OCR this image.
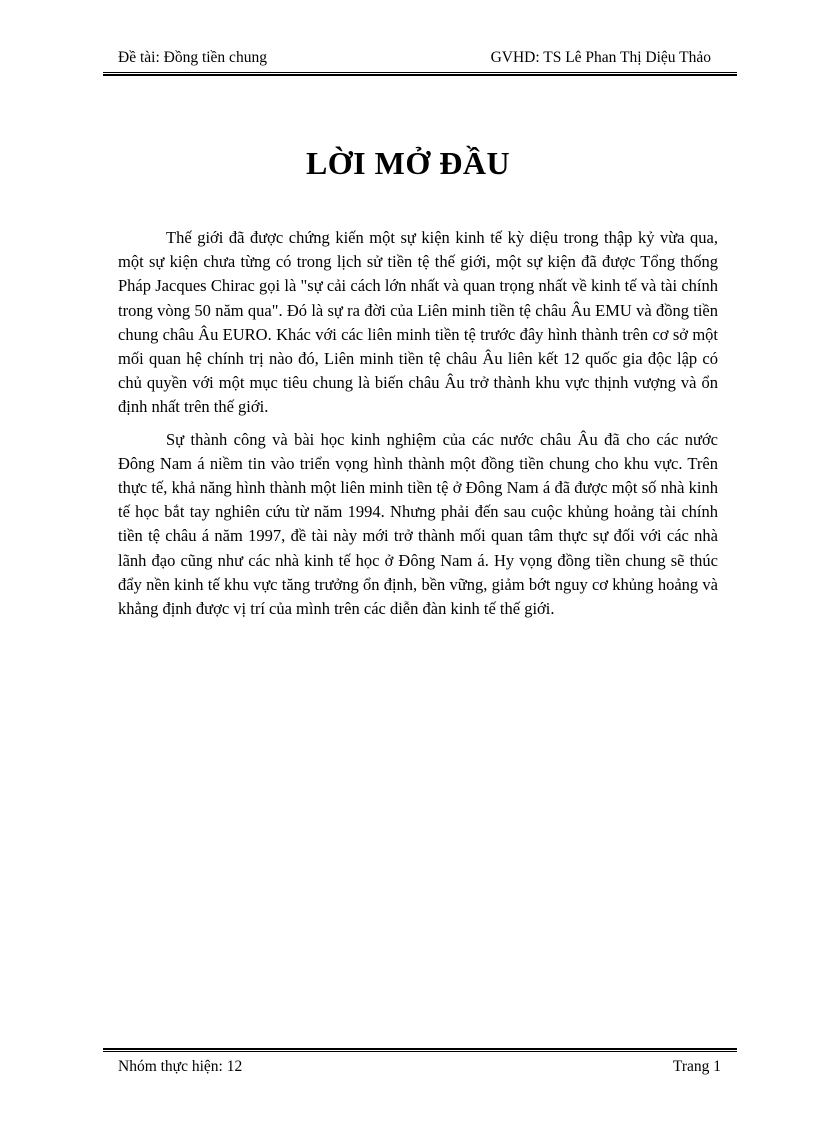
Đề tài: Đồng tiền chung	GVHD: TS Lê Phan Thị Diệu Thảo
LỜI MỞ ĐẦU

Thế giới đã được chứng kiến một sự kiện kinh tế kỳ diệu trong thập kỷ vừa qua, một sự kiện chưa từng có trong lịch sử tiền tệ thế giới, một sự kiện đã được Tổng thống Pháp Jacques Chirac gọi là "sự cải cách lớn nhất và quan trọng nhất về kinh tế và tài chính trong vòng 50 năm qua". Đó là sự ra đời của Liên minh tiền tệ châu Âu EMU và đồng tiền chung châu Âu EURO. Khác với các liên minh tiền tệ trước đây hình thành trên cơ sở một mối quan hệ chính trị nào đó, Liên minh tiền tệ châu Âu liên kết 12 quốc gia độc lập có chủ quyền với một mục tiêu chung là biến châu Âu trở thành khu vực thịnh vượng và ổn định nhất trên thế giới.

Sự thành công và bài học kinh nghiệm của các nước châu Âu đã cho các nước Đông Nam á niềm tin vào triển vọng hình thành một đồng tiền chung cho khu vực. Trên thực tế, khả năng hình thành một liên minh tiền tệ ở Đông Nam á đã được một số nhà kinh tế học bắt tay nghiên cứu từ năm 1994. Nhưng phải đến sau cuộc khủng hoảng tài chính tiền tệ châu á năm 1997, đề tài này mới trở thành mối quan tâm thực sự đối với các nhà lãnh đạo cũng như các nhà kinh tế học ở Đông Nam á. Hy vọng đồng tiền chung sẽ thúc đẩy nền kinh tế khu vực tăng trưởng ổn định, bền vững, giảm bớt nguy cơ khủng hoảng và khẳng định được vị trí của mình trên các diễn đàn kinh tế thế giới.

Nhóm thực hiện: 12	Trang 1
